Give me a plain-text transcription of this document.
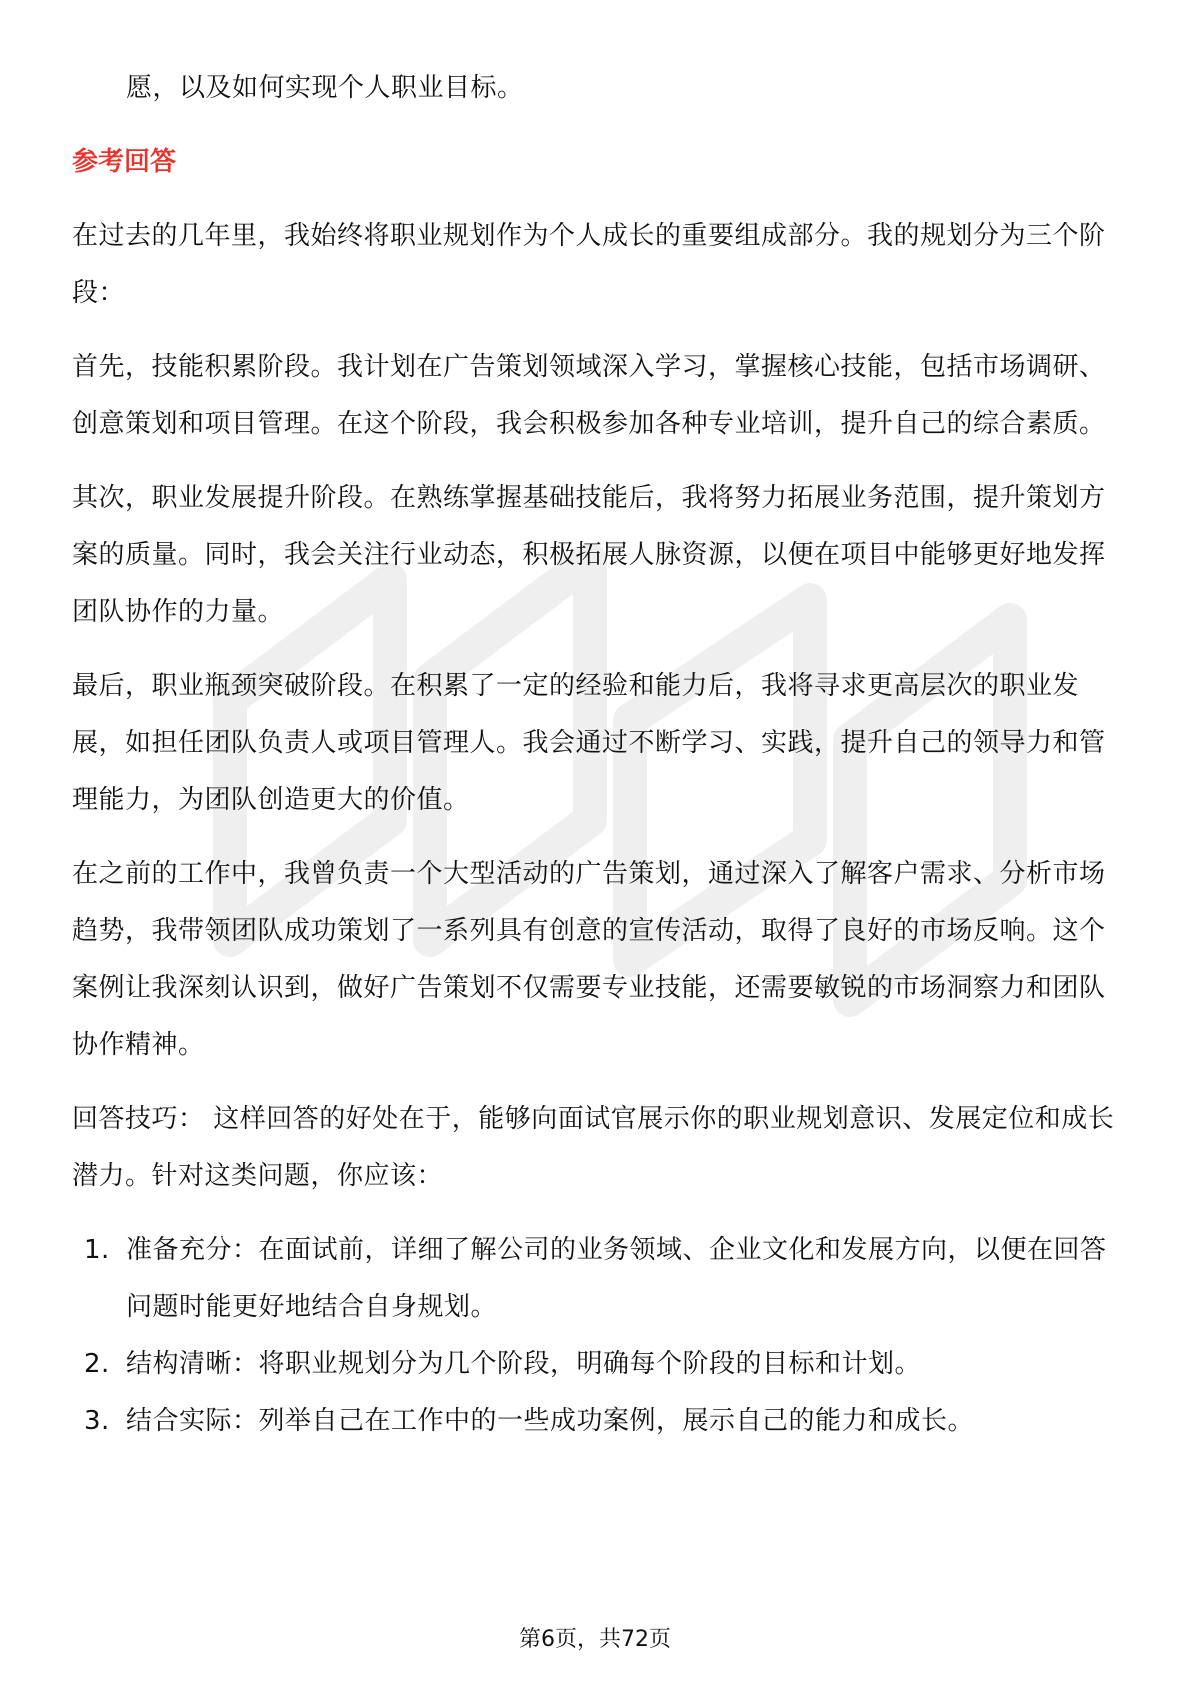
愿，以及如何实现个人职业目标。
参考回答

在过去的几年里，我始终将职业规划作为个人成长的重要组成部分。我的规划分为三个阶段：

首先，技能积累阶段。我计划在广告策划领域深入学习，掌握核心技能，包括市场调研、创意策划和项目管理。在这个阶段，我会积极参加各种专业培训，提升自己的综合素质。

其次，职业发展提升阶段。在熟练掌握基础技能后，我将努力拓展业务范围，提升策划方案的质量。同时，我会关注行业动态，积极拓展人脉资源，以便在项目中能够更好地发挥团队协作的力量。

最后，职业瓶颈突破阶段。在积累了一定的经验和能力后，我将寻求更高层次的职业发展，如担任团队负责人或项目管理人。我会通过不断学习、实践，提升自己的领导力和管理能力，为团队创造更大的价值。

在之前的工作中，我曾负责一个大型活动的广告策划，通过深入了解客户需求、分析市场趋势，我带领团队成功策划了一系列具有创意的宣传活动，取得了良好的市场反响。这个案例让我深刻认识到，做好广告策划不仅需要专业技能，还需要敏锐的市场洞察力和团队协作精神。

回答技巧： 这样回答的好处在于，能够向面试官展示你的职业规划意识、发展定位和成长潜力。针对这类问题，你应该：

1. 准备充分：在面试前，详细了解公司的业务领域、企业文化和发展方向，以便在回答问题时能更好地结合自身规划。
2. 结构清晰：将职业规划分为几个阶段，明确每个阶段的目标和计划。
3. 结合实际：列举自己在工作中的一些成功案例，展示自己的能力和成长。
第6页，共72页
